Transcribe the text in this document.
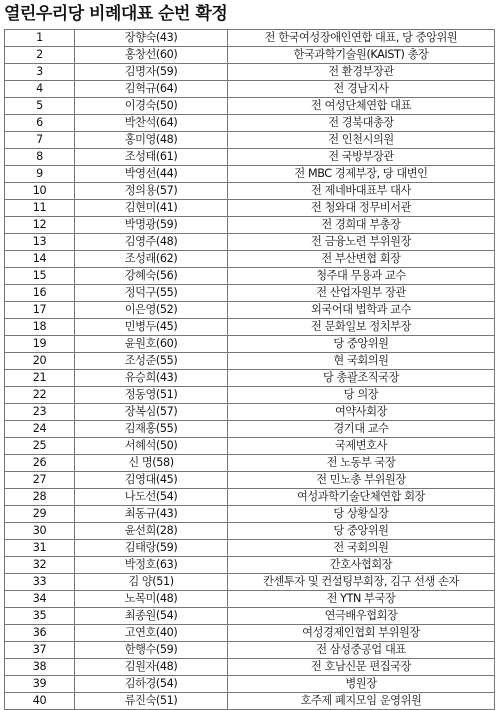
열린우리당 비례대표 순번 확정
1	장향숙(43)	전 한국여성장애인연합 대표, 당 중앙위원
2	홍창선(60)	한국과학기술원(KAIST) 총장
3	김명자(59)	전 환경부장관
4	김혁규(64)	전 경남지사
5	이경숙(50)	전 여성단체연합 대표
6	박찬석(64)	전 경북대총장
7	홍미영(48)	전 인천시의원
8	조성태(61)	전 국방부장관
9	박영선(44)	전 MBC 경제부장, 당 대변인
10	정의용(57)	전 제네바대표부 대사
11	김현미(41)	전 청와대 정무비서관
12	박명광(59)	전 경희대 부총장
13	김영주(48)	전 금융노련 부위원장
14	조성래(62)	전 부산변협 회장
15	강혜숙(56)	청주대 무용과 교수
16	정덕구(55)	전 산업자원부 장관
17	이은영(52)	외국어대 법학과 교수
18	민병두(45)	전 문화일보 정치부장
19	윤원호(60)	당 중앙위원
20	조성준(55)	현 국회의원
21	유승희(43)	당 총괄조직국장
22	정동영(51)	당 의장
23	장복심(57)	여약사회장
24	김재홍(55)	경기대 교수
25	서혜석(50)	국제변호사
26	신 명(58)	전 노동부 국장
27	김영대(45)	전 민노총 부위원장
28	나도선(54)	여성과학기술단체연합 회장
29	최동규(43)	당 상황실장
30	윤선희(28)	당 중앙위원
31	김태랑(59)	전 국회의원
32	박정호(63)	간호사협회장
33	김 양(51)	칸센투자 및 컨설팅부회장, 김구 선생 손자
34	노목미(48)	전 YTN 부국장
35	최종원(54)	연극배우협회장
36	고연호(40)	여성경제인협회 부위원장
37	한행수(59)	전 삼성중공업 대표
38	김원자(48)	전 호남신문 편집국장
39	김하경(54)	병원장
40	류진숙(51)	호주제 폐지모임 운영위원
